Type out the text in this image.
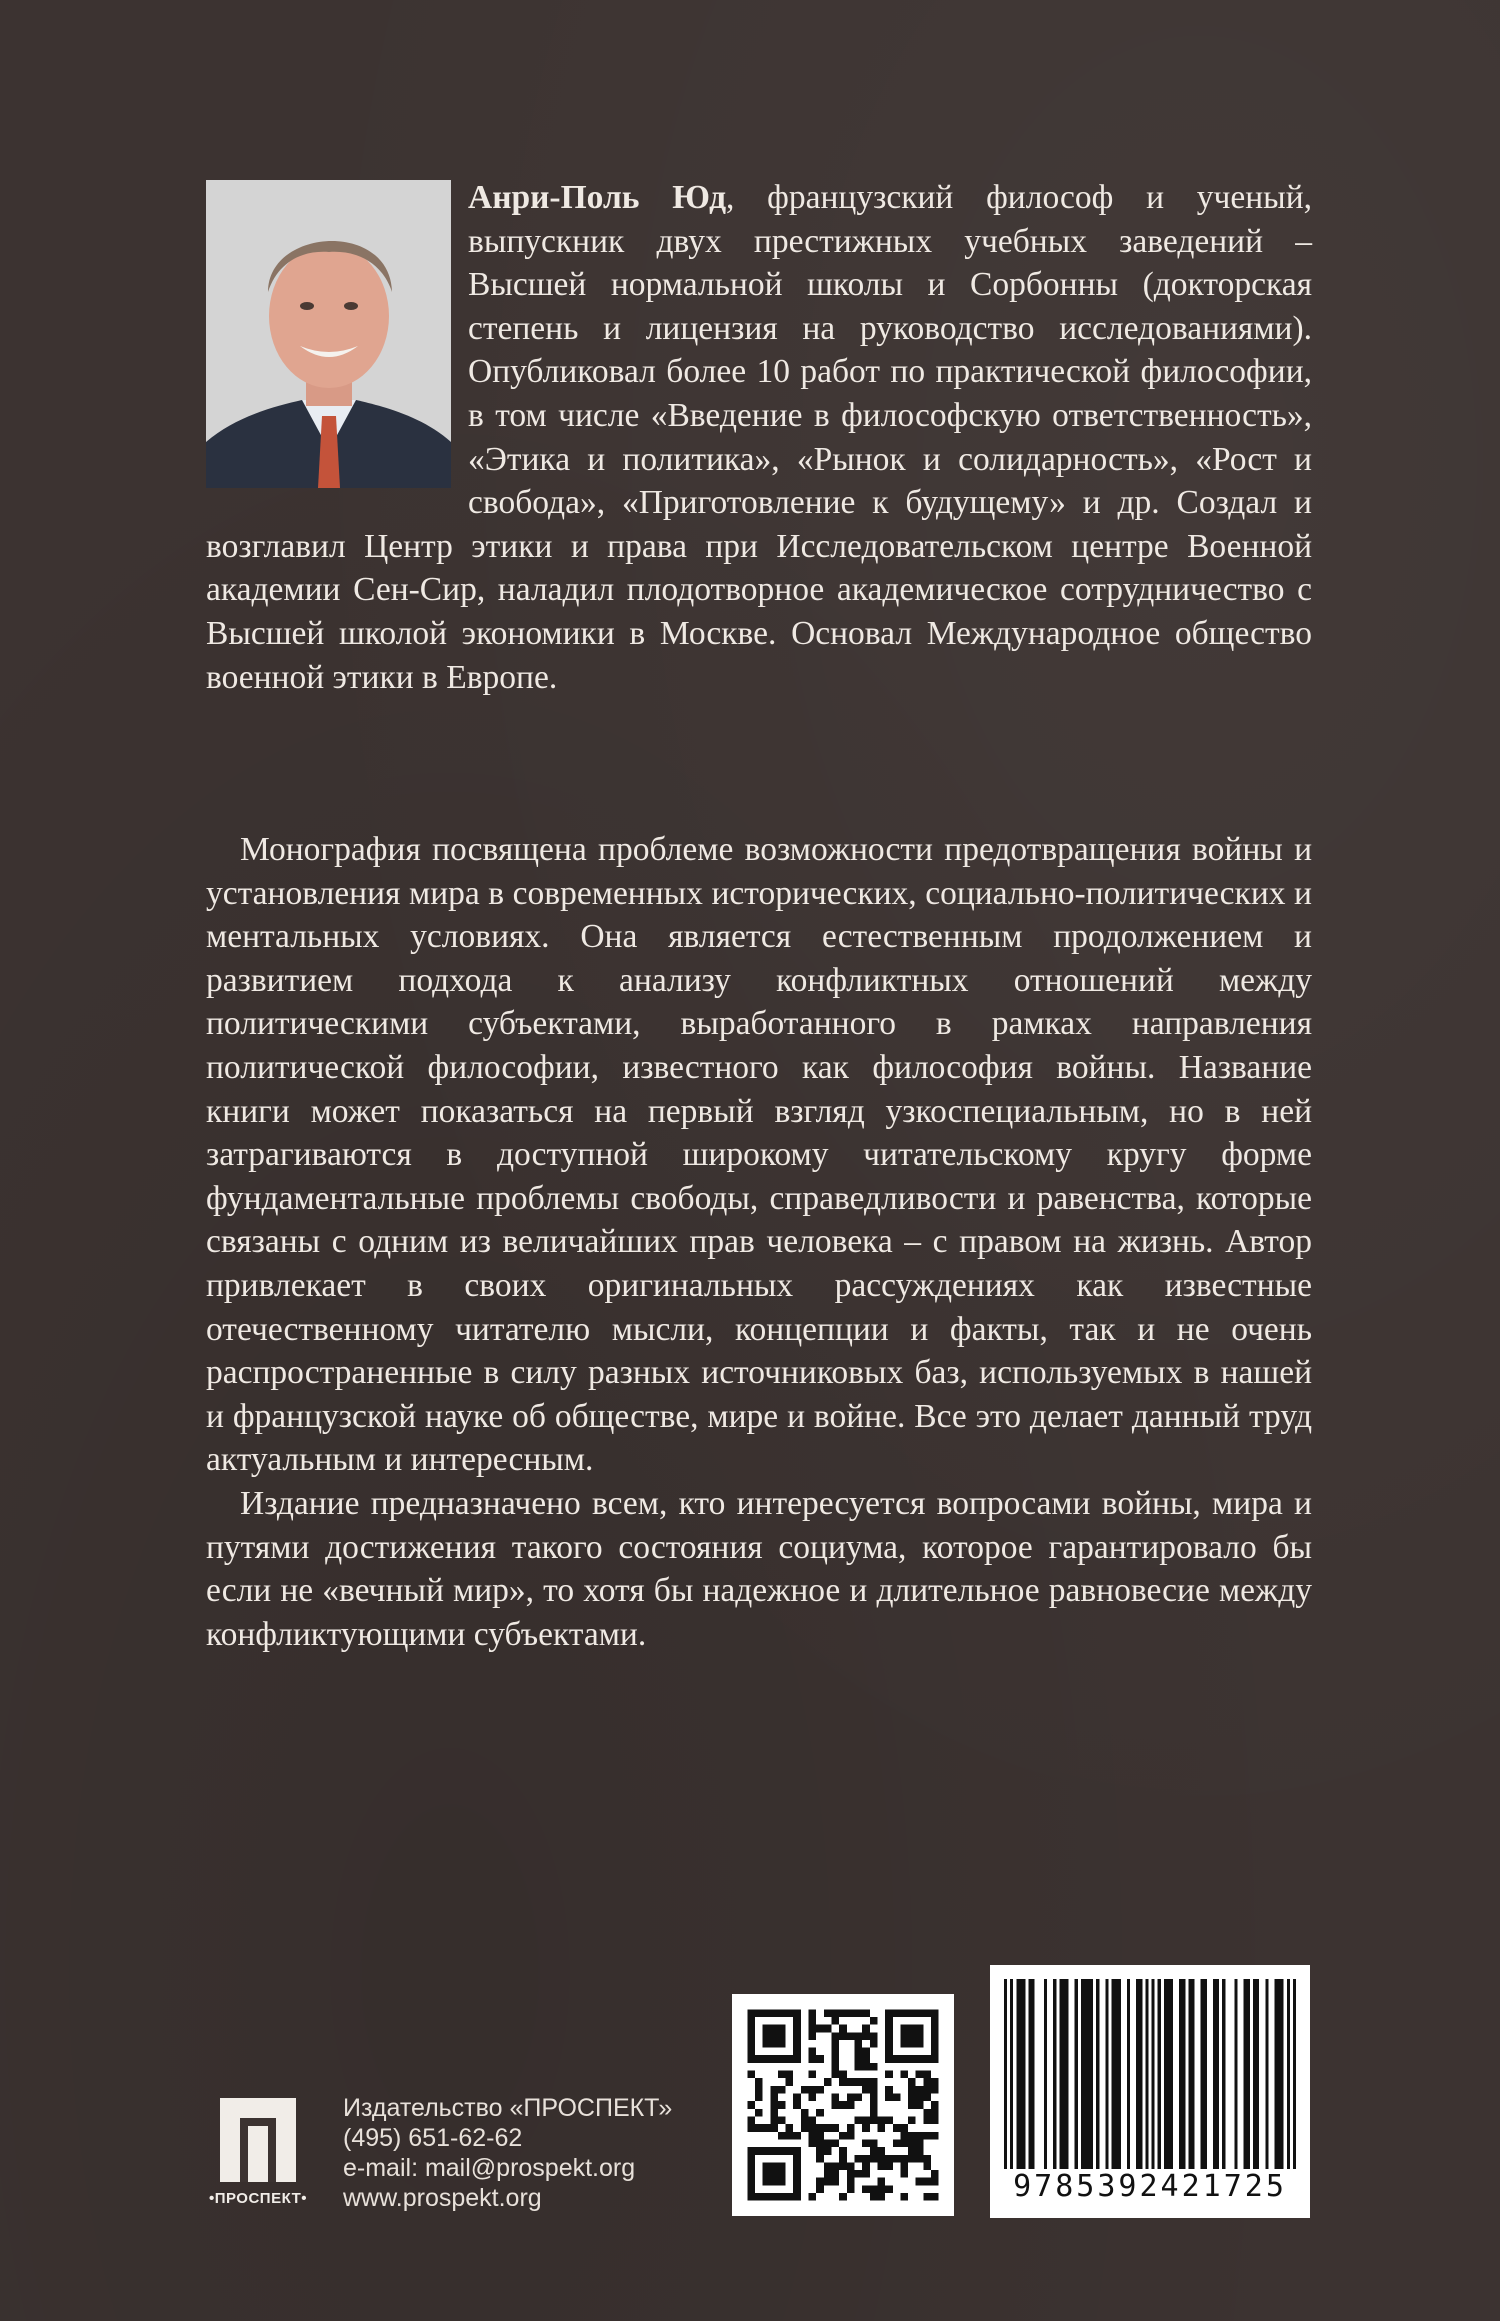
Анри-Поль Юд, французский философ и ученый, выпускник двух престижных учебных заведений – Высшей нормальной школы и Сорбонны (докторская степень и лицензия на руководство исследованиями). Опубликовал более 10 работ по практической философии, в том числе «Введение в философскую ответственность», «Этика и политика», «Рынок и солидарность», «Рост и свобода», «Приготовление к будущему» и др. Создал и возглавил Центр этики и права при Исследовательском центре Военной академии Сен-Сир, наладил плодотворное академическое сотрудничество с Высшей школой экономики в Москве. Основал Международное общество военной этики в Европе.

Монография посвящена проблеме возможности предотвращения войны и установления мира в современных исторических, социально-политических и ментальных условиях. Она является естественным продолжением и развитием подхода к анализу конфликтных отношений между политическими субъектами, выработанного в рамках направления политической философии, известного как философия войны. Название книги может показаться на первый взгляд узкоспециальным, но в ней затрагиваются в доступной широкому читательскому кругу форме фундаментальные проблемы свободы, справедливости и равенства, которые связаны с одним из величайших прав человека – с правом на жизнь. Автор привлекает в своих оригинальных рассуждениях как известные отечественному читателю мысли, концепции и факты, так и не очень распространенные в силу разных источниковых баз, используемых в нашей и французской науке об обществе, мире и войне. Все это делает данный труд актуальным и интересным.

Издание предназначено всем, кто интересуется вопросами войны, мира и путями достижения такого состояния социума, которое гарантировало бы если не «вечный мир», то хотя бы надежное и длительное равновесие между конфликтующими субъектами.

•ПРОСПЕКТ•
Издательство «ПРОСПЕКТ»
(495) 651-62-62
e-mail: mail@prospekt.org
www.prospekt.org	9785392421725
